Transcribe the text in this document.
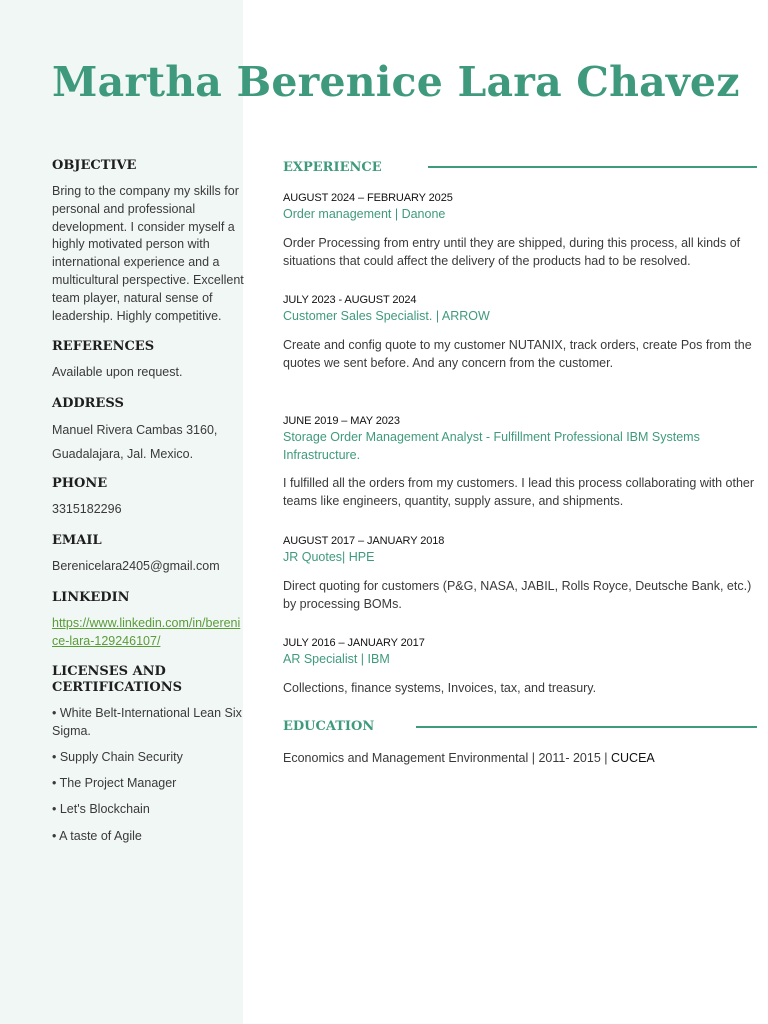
Martha Berenice Lara Chavez

OBJECTIVE

Bring to the company my skills for personal and professional development. I consider myself a highly motivated person with international experience and a multicultural perspective. Excellent team player, natural sense of leadership. Highly competitive.

REFERENCES

Available upon request.

ADDRESS

Manuel Rivera Cambas 3160,

Guadalajara, Jal. Mexico.

PHONE

3315182296

EMAIL

Berenicelara2405@gmail.com

LINKEDIN

https://www.linkedin.com/in/berenice-lara-129246107/

LICENSES AND CERTIFICATIONS

• White Belt-International Lean Six Sigma.
• Supply Chain Security
• The Project Manager
• Let's Blockchain
• A taste of Agile
EXPERIENCE

AUGUST 2024 – FEBRUARY 2025

Order management | Danone

Order Processing from entry until they are shipped, during this process, all kinds of situations that could affect the delivery of the products had to be resolved.

JULY 2023 - AUGUST 2024

Customer Sales Specialist. | ARROW

Create and config quote to my customer NUTANIX, track orders, create Pos from the quotes we sent before. And any concern from the customer.

JUNE 2019 – MAY 2023

Storage Order Management Analyst - Fulfillment Professional IBM Systems Infrastructure.

I fulfilled all the orders from my customers. I lead this process collaborating with other teams like engineers, quantity, supply assure, and shipments.

AUGUST 2017 – JANUARY 2018

JR Quotes| HPE

Direct quoting for customers (P&G, NASA, JABIL, Rolls Royce, Deutsche Bank, etc.) by processing BOMs.

JULY 2016 – JANUARY 2017

AR Specialist | IBM

Collections, finance systems, Invoices, tax, and treasury.

EDUCATION

Economics and Management Environmental | 2011- 2015 | CUCEA
